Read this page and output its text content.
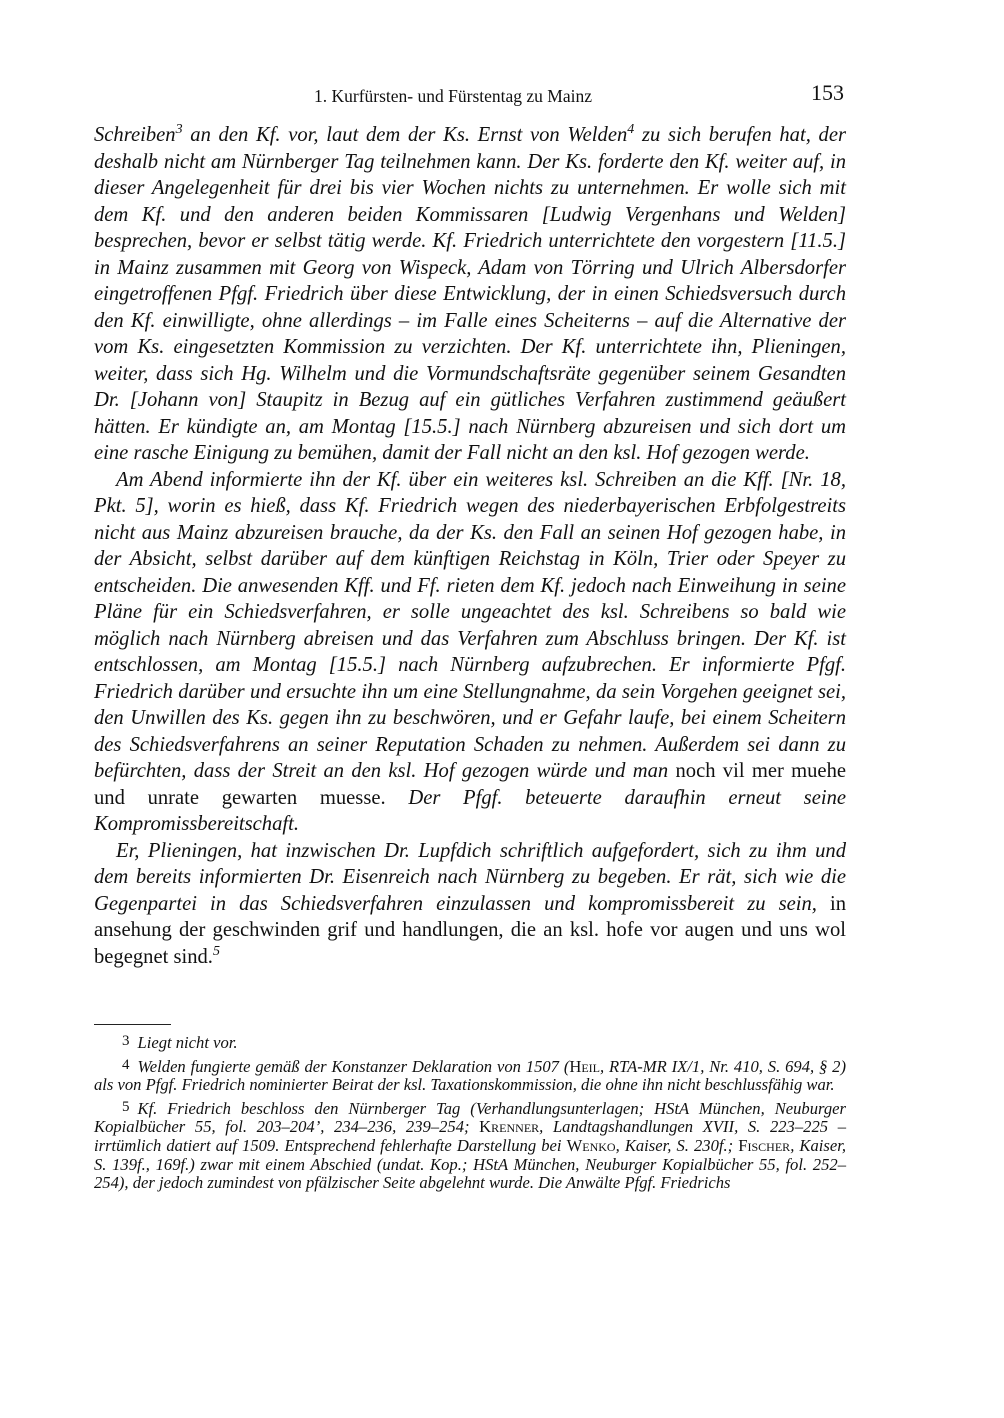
1. Kurfürsten- und Fürstentag zu Mainz	153

Schreiben$^3$ an den Kf. vor, laut dem der Ks. Ernst von Welden$^4$ zu sich berufen hat, der deshalb nicht am Nürnberger Tag teilnehmen kann. Der Ks. forderte den Kf. weiter auf, in dieser Angelegenheit für drei bis vier Wochen nichts zu unternehmen. Er wolle sich mit dem Kf. und den anderen beiden Kommissaren [Ludwig Vergenhans und Welden] besprechen, bevor er selbst tätig werde. Kf. Friedrich unterrichtete den vorgestern [11.5.] in Mainz zusammen mit Georg von Wispeck, Adam von Törring und Ulrich Albersdorfer eingetroffenen Pfgf. Friedrich über diese Entwicklung, der in einen Schiedsversuch durch den Kf. einwilligte, ohne allerdings – im Falle eines Scheiterns – auf die Alternative der vom Ks. eingesetzten Kommission zu verzichten. Der Kf. unterrichtete ihn, Plieningen, weiter, dass sich Hg. Wilhelm und die Vormundschaftsräte gegenüber seinem Gesandten Dr. [Johann von] Staupitz in Bezug auf ein gütliches Verfahren zustimmend geäußert hätten. Er kündigte an, am Montag [15.5.] nach Nürnberg abzureisen und sich dort um eine rasche Einigung zu bemühen, damit der Fall nicht an den ksl. Hof gezogen werde.

Am Abend informierte ihn der Kf. über ein weiteres ksl. Schreiben an die Kff. [Nr. 18, Pkt. 5], worin es hieß, dass Kf. Friedrich wegen des niederbayerischen Erbfolgestreits nicht aus Mainz abzureisen brauche, da der Ks. den Fall an seinen Hof gezogen habe, in der Absicht, selbst darüber auf dem künftigen Reichstag in Köln, Trier oder Speyer zu entscheiden. Die anwesenden Kff. und Ff. rieten dem Kf. jedoch nach Einweihung in seine Pläne für ein Schiedsverfahren, er solle ungeachtet des ksl. Schreibens so bald wie möglich nach Nürnberg abreisen und das Verfahren zum Abschluss bringen. Der Kf. ist entschlossen, am Montag [15.5.] nach Nürnberg aufzubrechen. Er informierte Pfgf. Friedrich darüber und ersuchte ihn um eine Stellungnahme, da sein Vorgehen geeignet sei, den Unwillen des Ks. gegen ihn zu beschwören, und er Gefahr laufe, bei einem Scheitern des Schiedsverfahrens an seiner Reputation Schaden zu nehmen. Außerdem sei dann zu befürchten, dass der Streit an den ksl. Hof gezogen würde und man noch vil mer muehe und unrate gewarten muesse. Der Pfgf. beteuerte daraufhin erneut seine Kompromissbereitschaft.

Er, Plieningen, hat inzwischen Dr. Lupfdich schriftlich aufgefordert, sich zu ihm und dem bereits informierten Dr. Eisenreich nach Nürnberg zu begeben. Er rät, sich wie die Gegenpartei in das Schiedsverfahren einzulassen und kompromissbereit zu sein, in ansehung der geschwinden grif und handlungen, die an ksl. hofe vor augen und uns wol begegnet sind.$^5$

3 Liegt nicht vor.

4 Welden fungierte gemäß der Konstanzer Deklaration von 1507 (Heil, RTA-MR IX/1, Nr. 410, S. 694, § 2) als von Pfgf. Friedrich nominierter Beirat der ksl. Taxationskommission, die ohne ihn nicht beschlussfähig war.

5 Kf. Friedrich beschloss den Nürnberger Tag (Verhandlungsunterlagen; HStA München, Neuburger Kopialbücher 55, fol. 203–204’, 234–236, 239–254; Krenner, Landtagshandlungen XVII, S. 223–225 – irrtümlich datiert auf 1509. Entsprechend fehlerhafte Darstellung bei Wenko, Kaiser, S. 230f.; Fischer, Kaiser, S. 139f., 169f.) zwar mit einem Abschied (undat. Kop.; HStA München, Neuburger Kopialbücher 55, fol. 252–254), der jedoch zumindest von pfälzischer Seite abgelehnt wurde. Die Anwälte Pfgf. Friedrichs
